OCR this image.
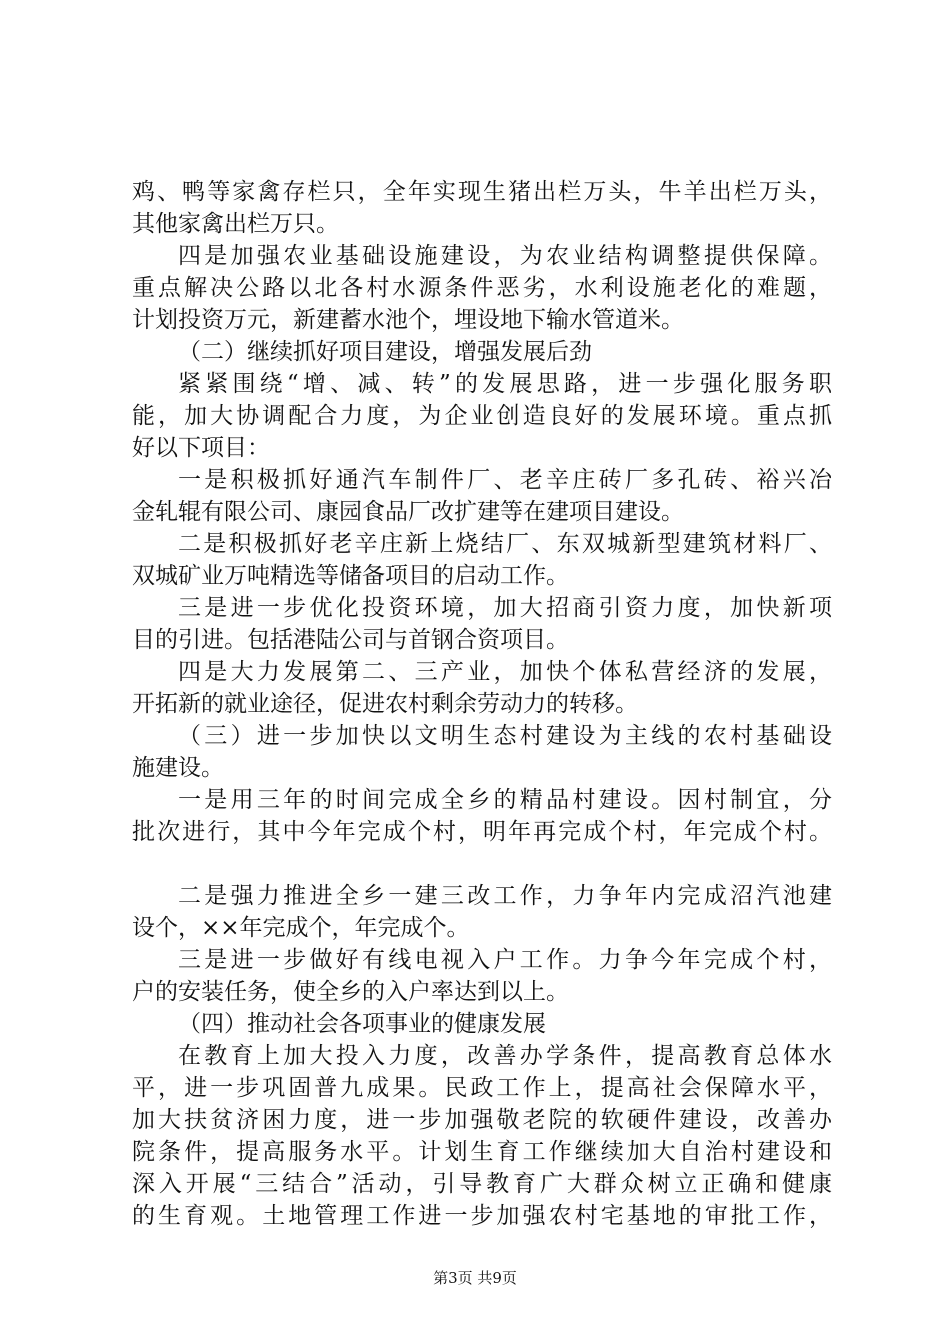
鸡、鸭等家禽存栏只，全年实现生猪出栏万头，牛羊出栏万头，
其他家禽出栏万只。
四是加强农业基础设施建设，为农业结构调整提供保障。
重点解决公路以北各村水源条件恶劣，水利设施老化的难题，
计划投资万元，新建蓄水池个，埋设地下输水管道米。
（二）继续抓好项目建设，增强发展后劲
紧紧围绕“增、减、转”的发展思路，进一步强化服务职
能，加大协调配合力度，为企业创造良好的发展环境。重点抓
好以下项目：
一是积极抓好通汽车制件厂、老辛庄砖厂多孔砖、裕兴冶
金轧辊有限公司、康园食品厂改扩建等在建项目建设。
二是积极抓好老辛庄新上烧结厂、东双城新型建筑材料厂、
双城矿业万吨精选等储备项目的启动工作。
三是进一步优化投资环境，加大招商引资力度，加快新项
目的引进。包括港陆公司与首钢合资项目。
四是大力发展第二、三产业，加快个体私营经济的发展，
开拓新的就业途径，促进农村剩余劳动力的转移。
（三）进一步加快以文明生态村建设为主线的农村基础设
施建设。
一是用三年的时间完成全乡的精品村建设。因村制宜，分
批次进行，其中今年完成个村，明年再完成个村，年完成个村。
二是强力推进全乡一建三改工作，力争年内完成沼汽池建
设个，××年完成个，年完成个。
三是进一步做好有线电视入户工作。力争今年完成个村，
户的安装任务，使全乡的入户率达到以上。
（四）推动社会各项事业的健康发展
在教育上加大投入力度，改善办学条件，提高教育总体水
平，进一步巩固普九成果。民政工作上，提高社会保障水平，
加大扶贫济困力度，进一步加强敬老院的软硬件建设，改善办
院条件，提高服务水平。计划生育工作继续加大自治村建设和
深入开展“三结合”活动，引导教育广大群众树立正确和健康
的生育观。土地管理工作进一步加强农村宅基地的审批工作，
第3页 共9页
